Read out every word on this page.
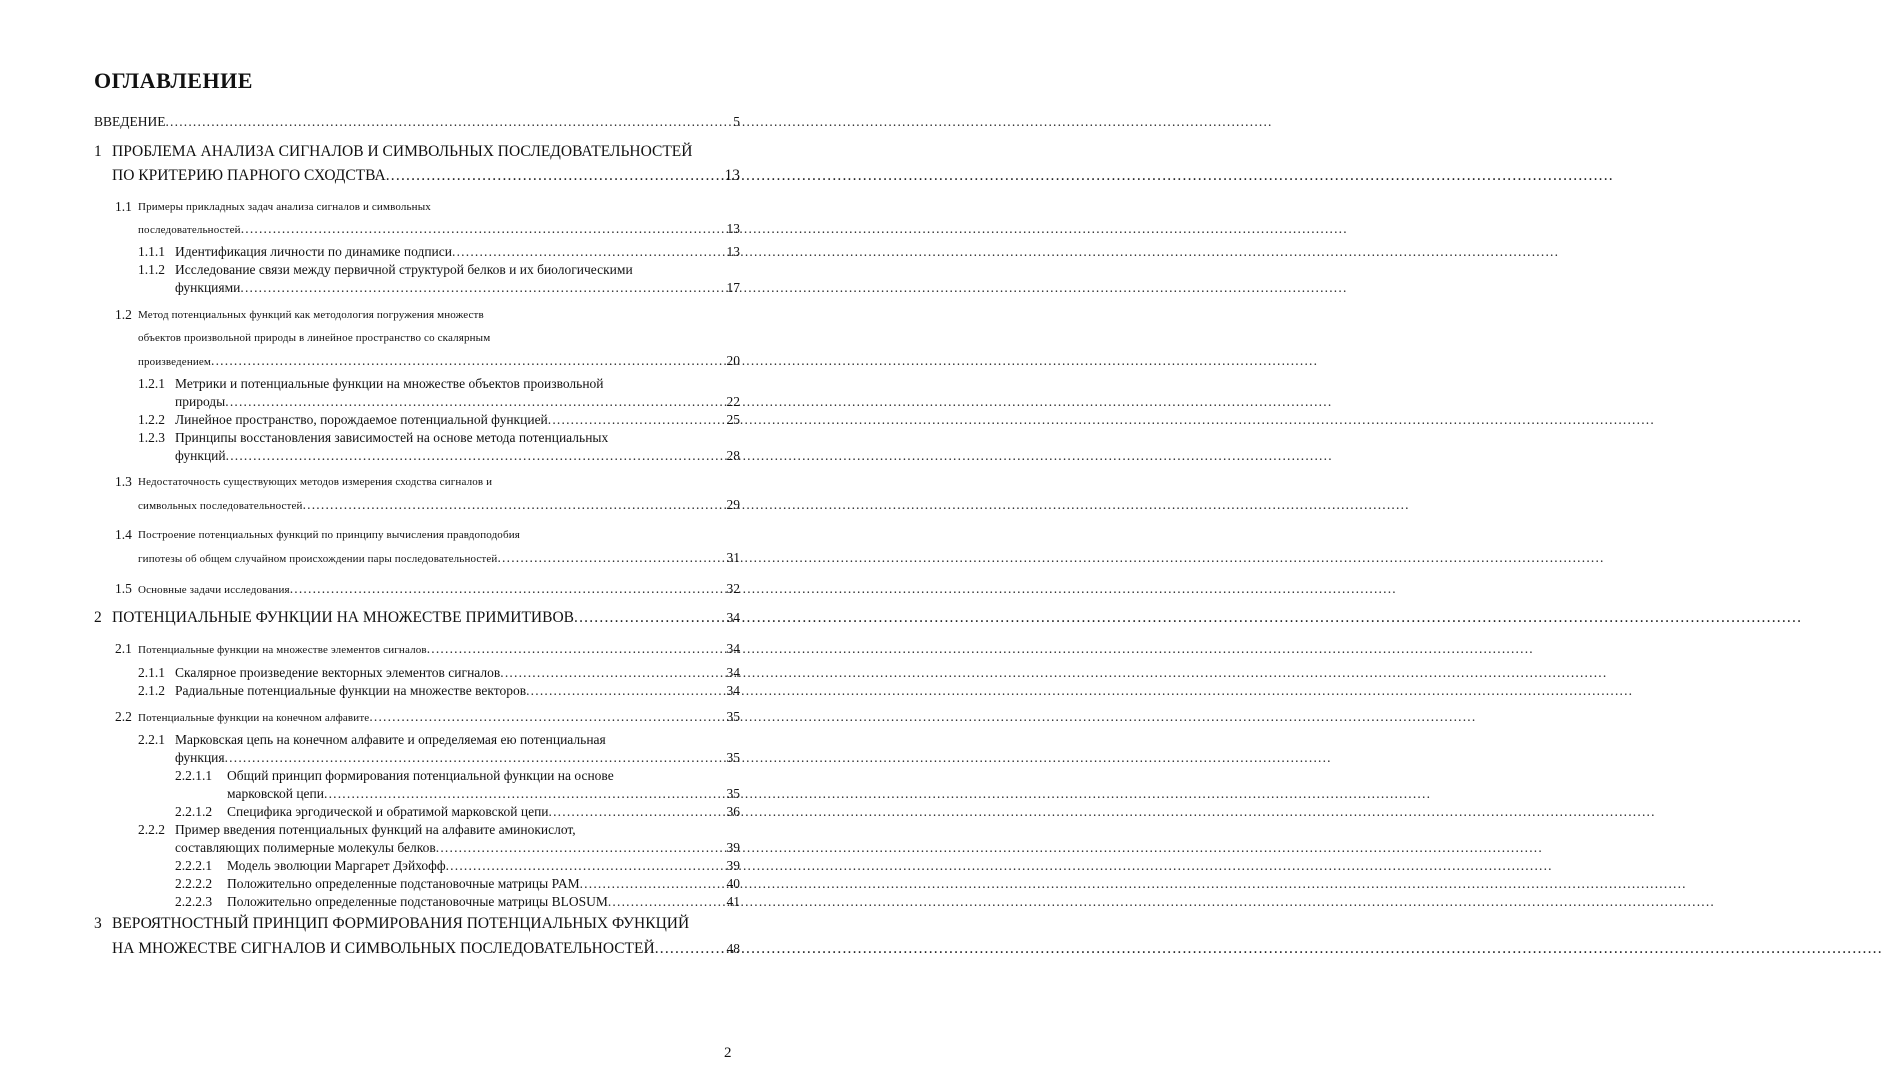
ОГЛАВЛЕНИЕ
ВВЕДЕНИЕ .....	5
1 ПРОБЛЕМА АНАЛИЗА СИГНАЛОВ И СИМВОЛЬНЫХ ПОСЛЕДОВАТЕЛЬНОСТЕЙ
ПО КРИТЕРИЮ ПАРНОГО СХОДСТВА .....	13
1.1 Примеры прикладных задач анализа сигналов и символьных
последовательностей .....	13
1.1.1 Идентификация личности по динамике подписи .....	13
1.1.2 Исследование связи между первичной структурой белков и их биологическими
функциями .....	17
1.2 Метод потенциальных функций как методология погружения множеств
объектов произвольной природы в линейное пространство со скалярным
произведением .....	20
1.2.1 Метрики и потенциальные функции на множестве объектов произвольной
природы .....	22
1.2.2 Линейное пространство, порождаемое потенциальной функцией .....	25
1.2.3 Принципы восстановления зависимостей на основе метода потенциальных
функций .....	28
1.3 Недостаточность существующих методов измерения сходства сигналов и
символьных последовательностей .....	29
1.4 Построение потенциальных функций по принципу вычисления правдоподобия
гипотезы об общем случайном происхождении пары последовательностей .....	31
1.5 Основные задачи исследования .....	32
2 ПОТЕНЦИАЛЬНЫЕ ФУНКЦИИ НА МНОЖЕСТВЕ ПРИМИТИВОВ .....	34
2.1 Потенциальные функции на множестве элементов сигналов .....	34
2.1.1 Скалярное произведение векторных элементов сигналов .....	34
2.1.2 Радиальные потенциальные функции на множестве векторов .....	34
2.2 Потенциальные функции на конечном алфавите .....	35
2.2.1 Марковская цепь на конечном алфавите и определяемая ею потенциальная
функция .....	35
2.2.1.1 Общий принцип формирования потенциальной функции на основе
марковской цепи .....	35
2.2.1.2	Специфика эргодической и обратимой марковской цепи .....	36
2.2.2 Пример введения потенциальных функций на алфавите аминокислот,
составляющих полимерные молекулы белков .....	39
2.2.2.1	Модель эволюции Маргарет Дэйхофф .....	39
2.2.2.2	Положительно определенные подстановочные матрицы PAM .....	40
2.2.2.3	Положительно определенные подстановочные матрицы BLOSUM .....	41
3 ВЕРОЯТНОСТНЫЙ ПРИНЦИП ФОРМИРОВАНИЯ ПОТЕНЦИАЛЬНЫХ ФУНКЦИЙ
НА МНОЖЕСТВЕ СИГНАЛОВ И СИМВОЛЬНЫХ ПОСЛЕДОВАТЕЛЬНОСТЕЙ .....	48
2
